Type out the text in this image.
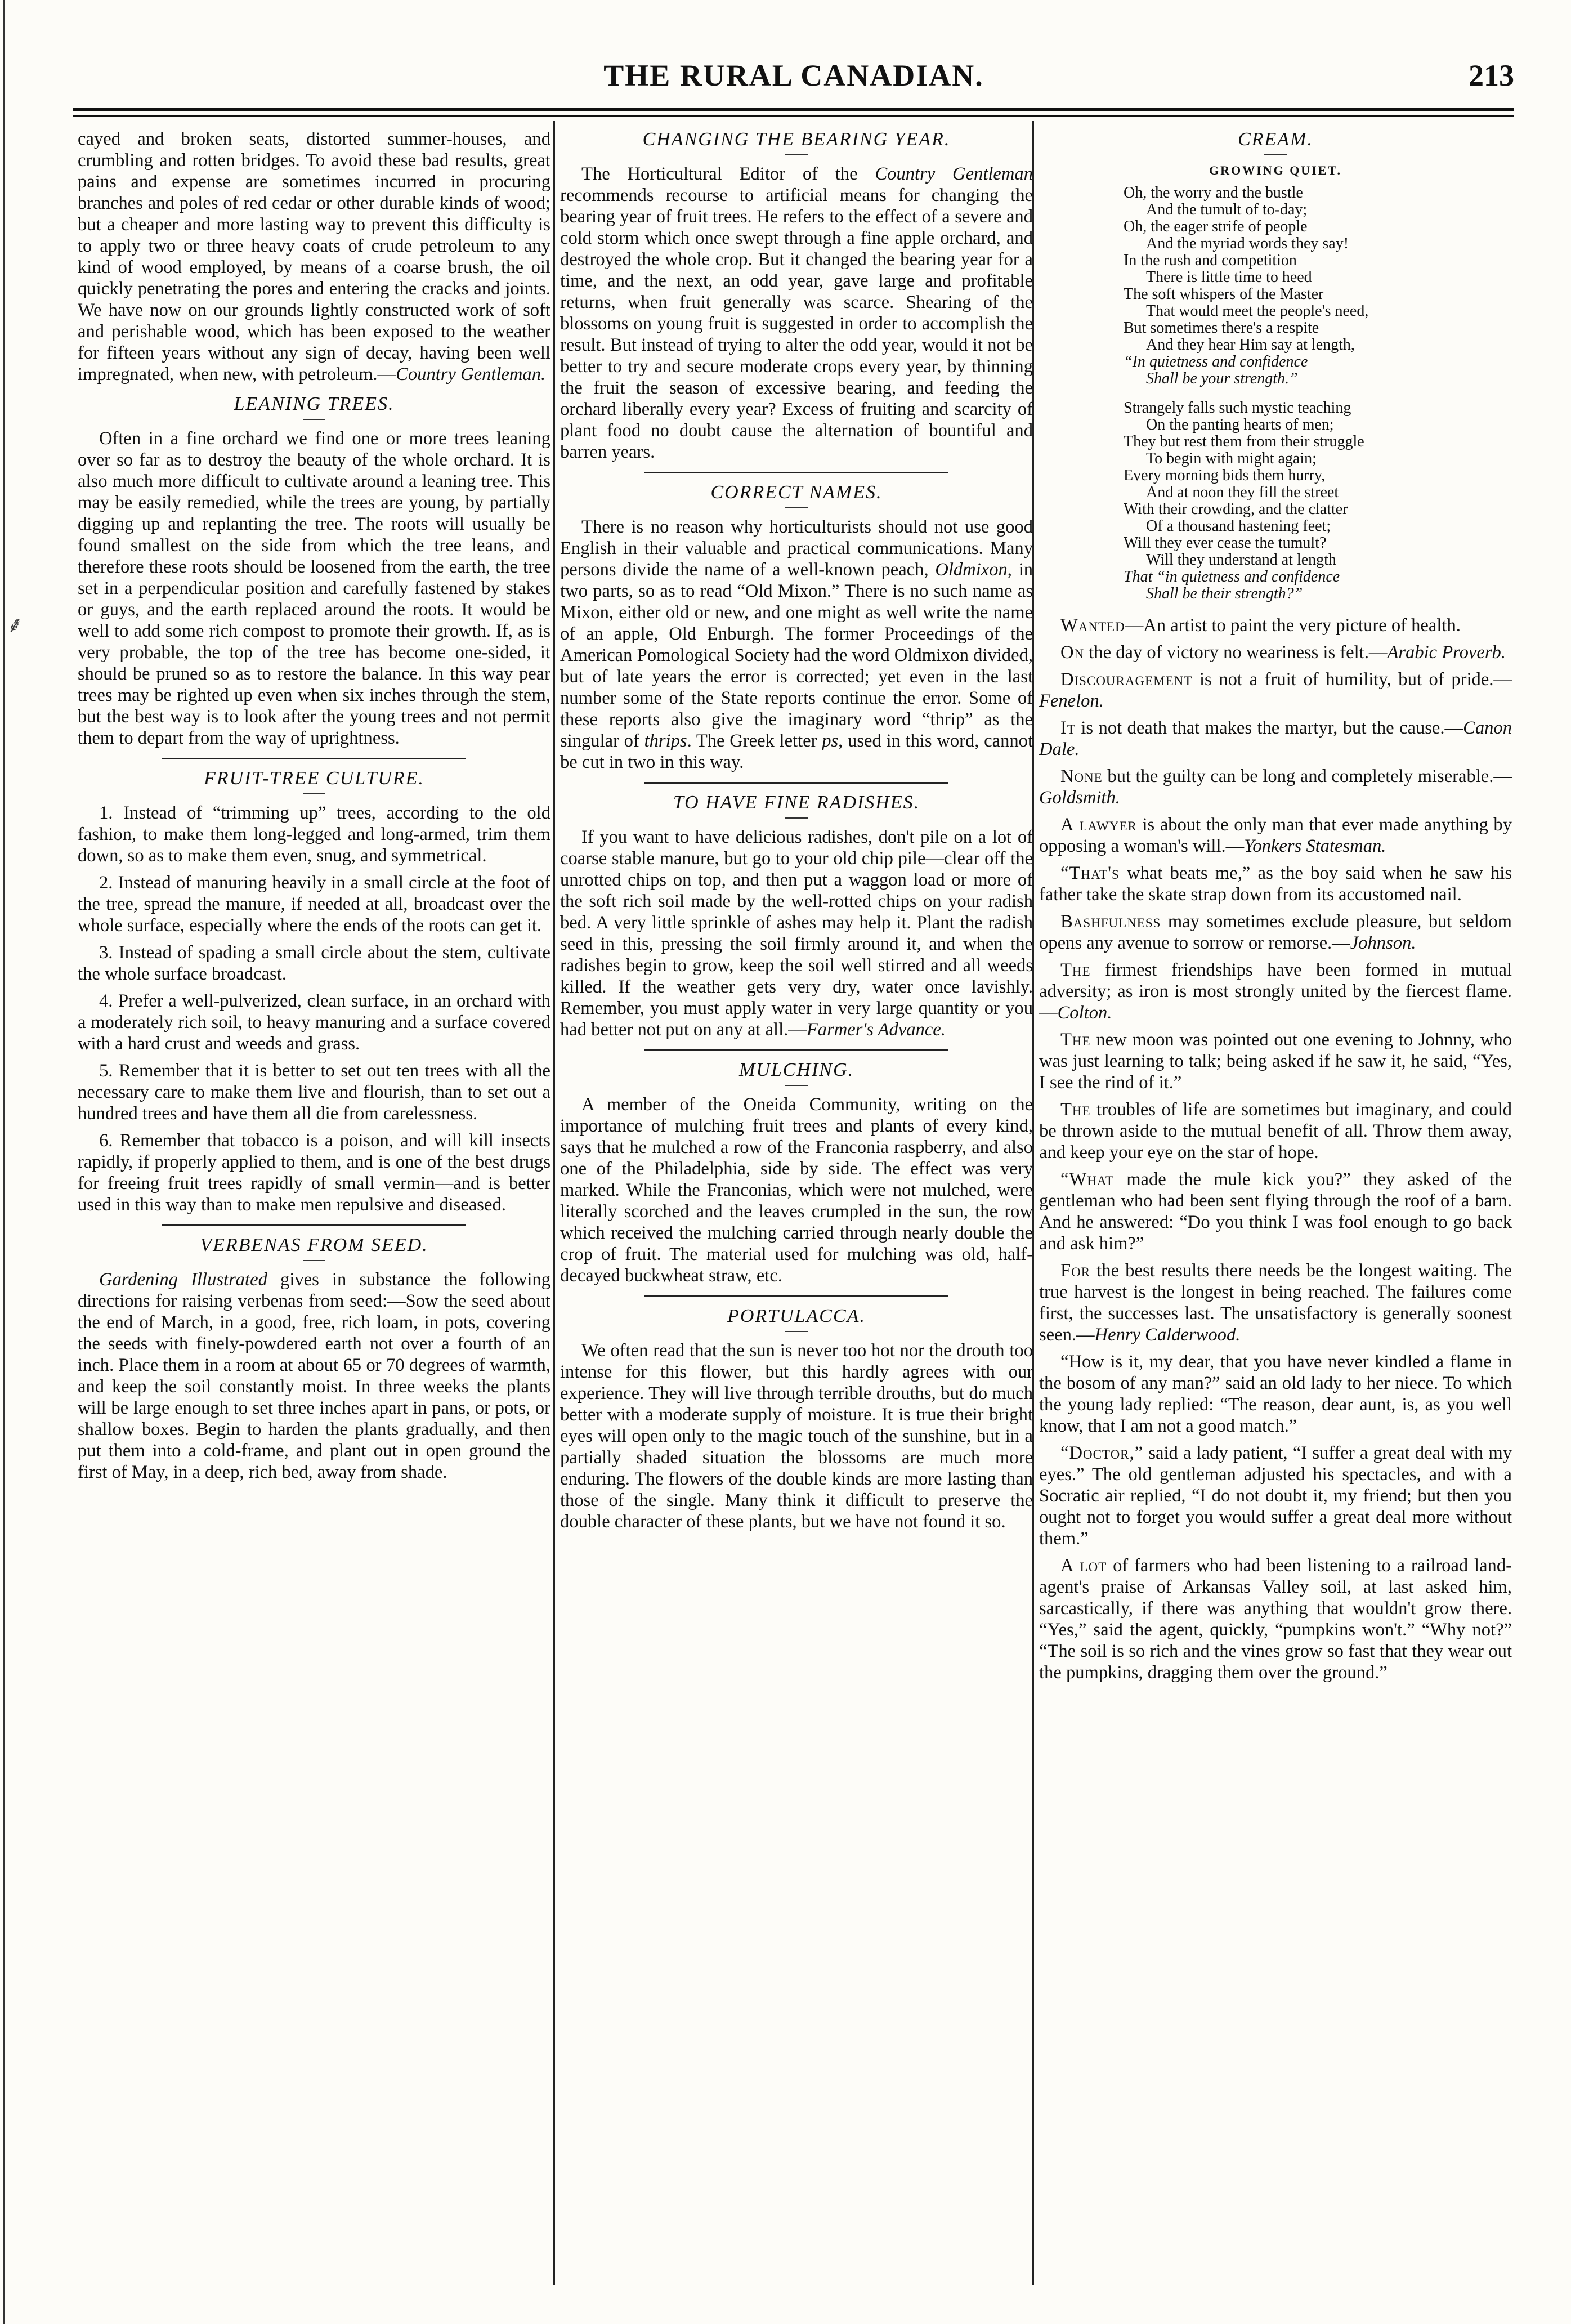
⸙
THE RURAL CANADIAN.	213

cayed and broken seats, distorted summer-houses, and crumbling and rotten bridges. To avoid these bad results, great pains and expense are sometimes incurred in procuring branches and poles of red cedar or other durable kinds of wood; but a cheaper and more lasting way to prevent this difficulty is to apply two or three heavy coats of crude petroleum to any kind of wood employed, by means of a coarse brush, the oil quickly penetrating the pores and entering the cracks and joints. We have now on our grounds lightly constructed work of soft and perishable wood, which has been exposed to the weather for fifteen years without any sign of decay, having been well impregnated, when new, with petroleum.—Country Gentleman.

LEANING TREES.

Often in a fine orchard we find one or more trees leaning over so far as to destroy the beauty of the whole orchard. It is also much more difficult to cultivate around a leaning tree. This may be easily remedied, while the trees are young, by partially digging up and replanting the tree. The roots will usually be found smallest on the side from which the tree leans, and therefore these roots should be loosened from the earth, the tree set in a perpendicular position and carefully fastened by stakes or guys, and the earth replaced around the roots. It would be well to add some rich compost to promote their growth. If, as is very probable, the top of the tree has become one-sided, it should be pruned so as to restore the balance. In this way pear trees may be righted up even when six inches through the stem, but the best way is to look after the young trees and not permit them to depart from the way of uprightness.

FRUIT-TREE CULTURE.

1. Instead of “trimming up” trees, according to the old fashion, to make them long-legged and long-armed, trim them down, so as to make them even, snug, and symmetrical.

2. Instead of manuring heavily in a small circle at the foot of the tree, spread the manure, if needed at all, broadcast over the whole surface, especially where the ends of the roots can get it.

3. Instead of spading a small circle about the stem, cultivate the whole surface broadcast.

4. Prefer a well-pulverized, clean surface, in an orchard with a moderately rich soil, to heavy manuring and a surface covered with a hard crust and weeds and grass.

5. Remember that it is better to set out ten trees with all the necessary care to make them live and flourish, than to set out a hundred trees and have them all die from carelessness.

6. Remember that tobacco is a poison, and will kill insects rapidly, if properly applied to them, and is one of the best drugs for freeing fruit trees rapidly of small vermin—and is better used in this way than to make men repulsive and diseased.

VERBENAS FROM SEED.

Gardening Illustrated gives in substance the following directions for raising verbenas from seed:—Sow the seed about the end of March, in a good, free, rich loam, in pots, covering the seeds with finely-powdered earth not over a fourth of an inch. Place them in a room at about 65 or 70 degrees of warmth, and keep the soil constantly moist. In three weeks the plants will be large enough to set three inches apart in pans, or pots, or shallow boxes. Begin to harden the plants gradually, and then put them into a cold-frame, and plant out in open ground the first of May, in a deep, rich bed, away from shade.

CHANGING THE BEARING YEAR.

The Horticultural Editor of the Country Gentleman recommends recourse to artificial means for changing the bearing year of fruit trees. He refers to the effect of a severe and cold storm which once swept through a fine apple orchard, and destroyed the whole crop. But it changed the bearing year for a time, and the next, an odd year, gave large and profitable returns, when fruit generally was scarce. Shearing of the blossoms on young fruit is suggested in order to accomplish the result. But instead of trying to alter the odd year, would it not be better to try and secure moderate crops every year, by thinning the fruit the season of excessive bearing, and feeding the orchard liberally every year? Excess of fruiting and scarcity of plant food no doubt cause the alternation of bountiful and barren years.

CORRECT NAMES.

There is no reason why horticulturists should not use good English in their valuable and practical communications. Many persons divide the name of a well-known peach, Oldmixon, in two parts, so as to read “Old Mixon.” There is no such name as Mixon, either old or new, and one might as well write the name of an apple, Old Enburgh. The former Proceedings of the American Pomological Society had the word Oldmixon divided, but of late years the error is corrected; yet even in the last number some of the State reports continue the error. Some of these reports also give the imaginary word “thrip” as the singular of thrips. The Greek letter ps, used in this word, cannot be cut in two in this way.

TO HAVE FINE RADISHES.

If you want to have delicious radishes, don't pile on a lot of coarse stable manure, but go to your old chip pile—clear off the unrotted chips on top, and then put a waggon load or more of the soft rich soil made by the well-rotted chips on your radish bed. A very little sprinkle of ashes may help it. Plant the radish seed in this, pressing the soil firmly around it, and when the radishes begin to grow, keep the soil well stirred and all weeds killed. If the weather gets very dry, water once lavishly. Remember, you must apply water in very large quantity or you had better not put on any at all.—Farmer's Advance.

MULCHING.

A member of the Oneida Community, writing on the importance of mulching fruit trees and plants of every kind, says that he mulched a row of the Franconia raspberry, and also one of the Philadelphia, side by side. The effect was very marked. While the Franconias, which were not mulched, were literally scorched and the leaves crumpled in the sun, the row which received the mulching carried through nearly double the crop of fruit. The material used for mulching was old, half-decayed buckwheat straw, etc.

PORTULACCA.

We often read that the sun is never too hot nor the drouth too intense for this flower, but this hardly agrees with our experience. They will live through terrible drouths, but do much better with a moderate supply of moisture. It is true their bright eyes will open only to the magic touch of the sunshine, but in a partially shaded situation the blossoms are much more enduring. The flowers of the double kinds are more lasting than those of the single. Many think it difficult to preserve the double character of these plants, but we have not found it so.

CREAM.
GROWING QUIET.
Oh, the worry and the bustle
And the tumult of to-day;
Oh, the eager strife of people
And the myriad words they say!
In the rush and competition
There is little time to heed
The soft whispers of the Master
That would meet the people's need,
But sometimes there's a respite
And they hear Him say at length,
“In quietness and confidence
Shall be your strength.”
Strangely falls such mystic teaching
On the panting hearts of men;
They but rest them from their struggle
To begin with might again;
Every morning bids them hurry,
And at noon they fill the street
With their crowding, and the clatter
Of a thousand hastening feet;
Will they ever cease the tumult?
Will they understand at length
That “in quietness and confidence
Shall be their strength?”

Wanted—An artist to paint the very picture of health.

On the day of victory no weariness is felt.—Arabic Proverb.

Discouragement is not a fruit of humility, but of pride.—Fenelon.

It is not death that makes the martyr, but the cause.—Canon Dale.

None but the guilty can be long and completely miserable.—Goldsmith.

A lawyer is about the only man that ever made anything by opposing a woman's will.—Yonkers Statesman.

“That's what beats me,” as the boy said when he saw his father take the skate strap down from its accustomed nail.

Bashfulness may sometimes exclude pleasure, but seldom opens any avenue to sorrow or remorse.—Johnson.

The firmest friendships have been formed in mutual adversity; as iron is most strongly united by the fiercest flame.—Colton.

The new moon was pointed out one evening to Johnny, who was just learning to talk; being asked if he saw it, he said, “Yes, I see the rind of it.”

The troubles of life are sometimes but imaginary, and could be thrown aside to the mutual benefit of all. Throw them away, and keep your eye on the star of hope.

“What made the mule kick you?” they asked of the gentleman who had been sent flying through the roof of a barn. And he answered: “Do you think I was fool enough to go back and ask him?”

For the best results there needs be the longest waiting. The true harvest is the longest in being reached. The failures come first, the successes last. The unsatisfactory is generally soonest seen.—Henry Calderwood.

“How is it, my dear, that you have never kindled a flame in the bosom of any man?” said an old lady to her niece. To which the young lady replied: “The reason, dear aunt, is, as you well know, that I am not a good match.”

“Doctor,” said a lady patient, “I suffer a great deal with my eyes.” The old gentleman adjusted his spectacles, and with a Socratic air replied, “I do not doubt it, my friend; but then you ought not to forget you would suffer a great deal more without them.”

A lot of farmers who had been listening to a railroad land-agent's praise of Arkansas Valley soil, at last asked him, sarcastically, if there was anything that wouldn't grow there. “Yes,” said the agent, quickly, “pumpkins won't.” “Why not?” “The soil is so rich and the vines grow so fast that they wear out the pumpkins, dragging them over the ground.”
